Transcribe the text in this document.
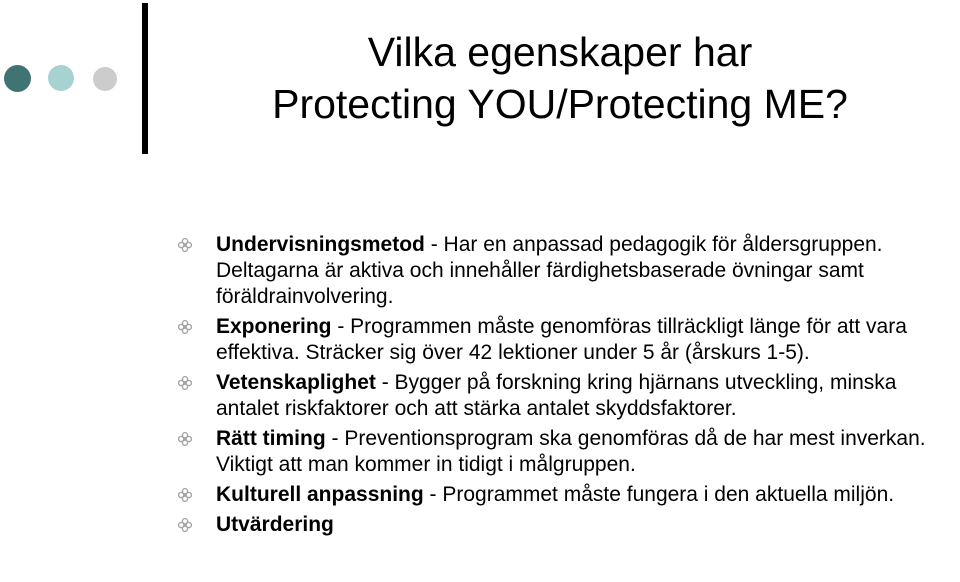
Vilka egenskaper har
Protecting YOU/Protecting ME?
Undervisningsmetod - Har en anpassad pedagogik för åldersgruppen. Deltagarna är aktiva och innehåller färdighetsbaserade övningar samt föräldrainvolvering.
Exponering - Programmen måste genomföras tillräckligt länge för att vara effektiva. Sträcker sig över 42 lektioner under 5 år (årskurs 1-5).
Vetenskaplighet - Bygger på forskning kring hjärnans utveckling, minska antalet riskfaktorer och att stärka antalet skyddsfaktorer.
Rätt timing - Preventionsprogram ska genomföras då de har mest inverkan. Viktigt att man kommer in tidigt i målgruppen.
Kulturell anpassning - Programmet måste fungera i den aktuella miljön.
Utvärdering
